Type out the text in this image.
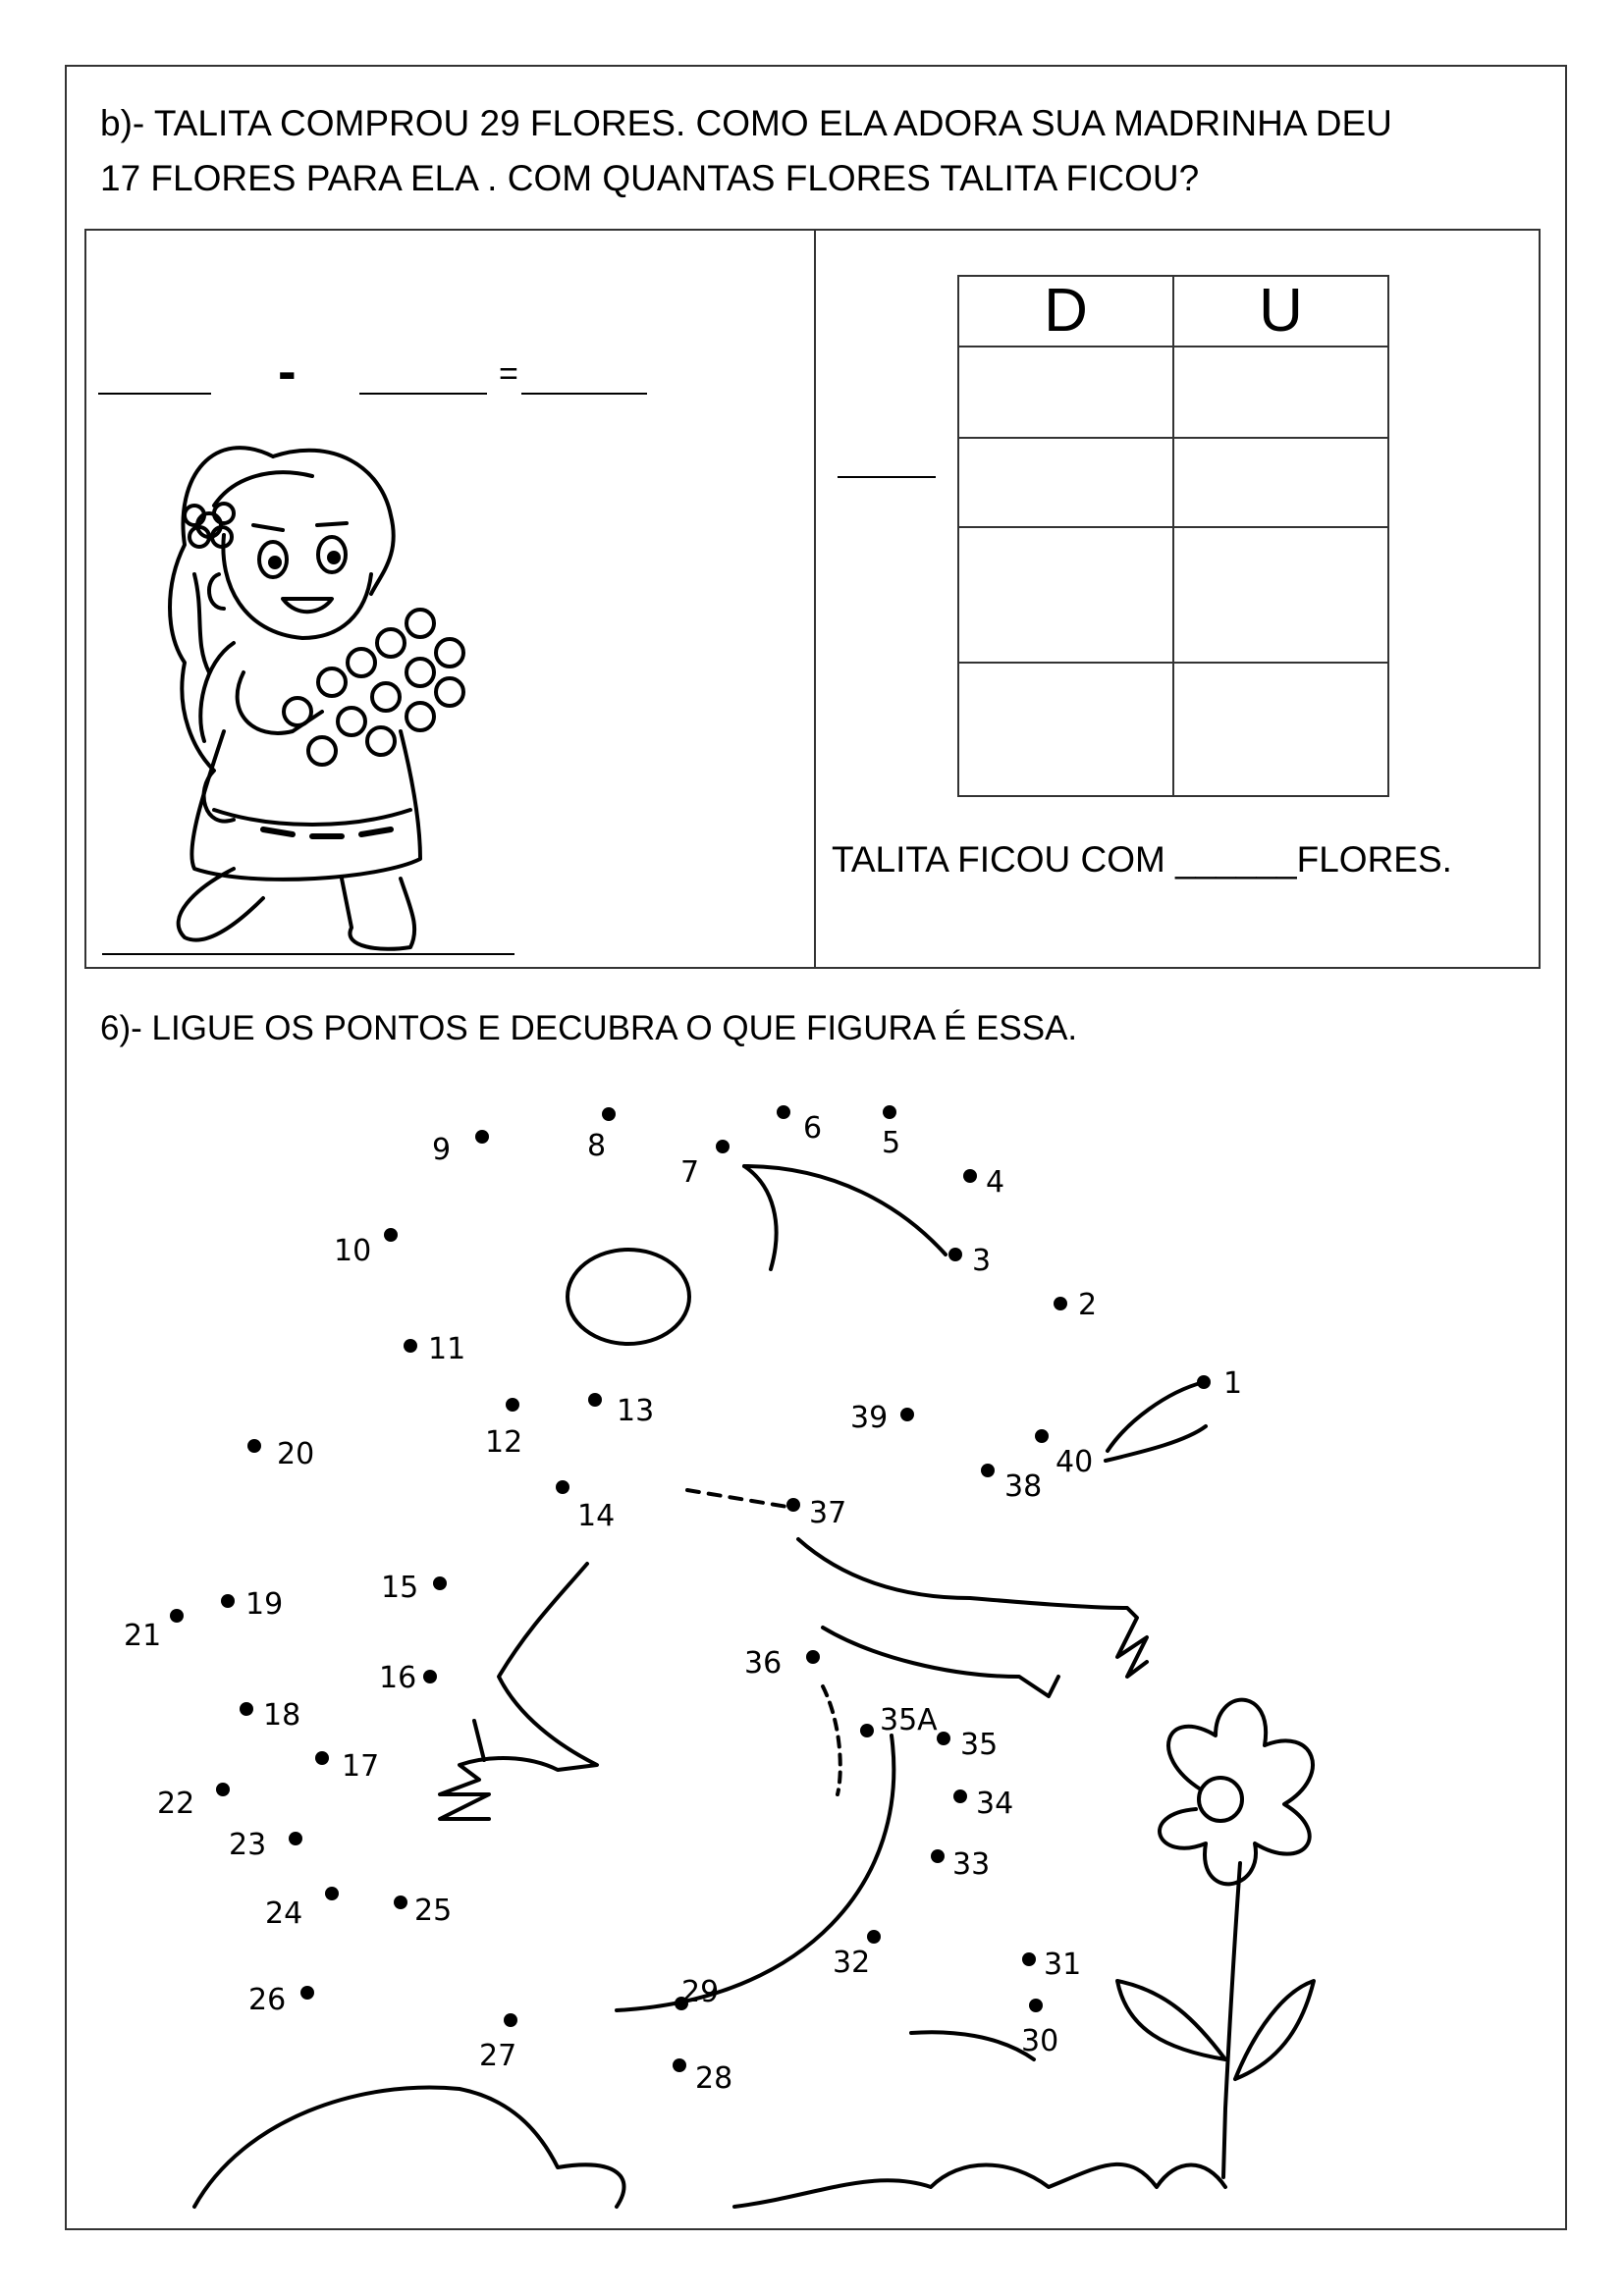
b)- TALITA COMPROU 29 FLORES. COMO ELA ADORA SUA MADRINHA DEU
17 FLORES PARA ELA . COM QUANTAS FLORES TALITA FICOU?
-	=
D	U

TALITA FICOU COM ______FLORES.
6)- LIGUE OS PONTOS E DECUBRA O QUE FIGURA É ESSA.
1
2
3
4
5
6
7
8
9
10
11
12
13
14
15
16
17
18
19
20
21
22
23
24	25
26
27
28
29
30
31
32
33
34
35
35A
36
37
38
39
40
